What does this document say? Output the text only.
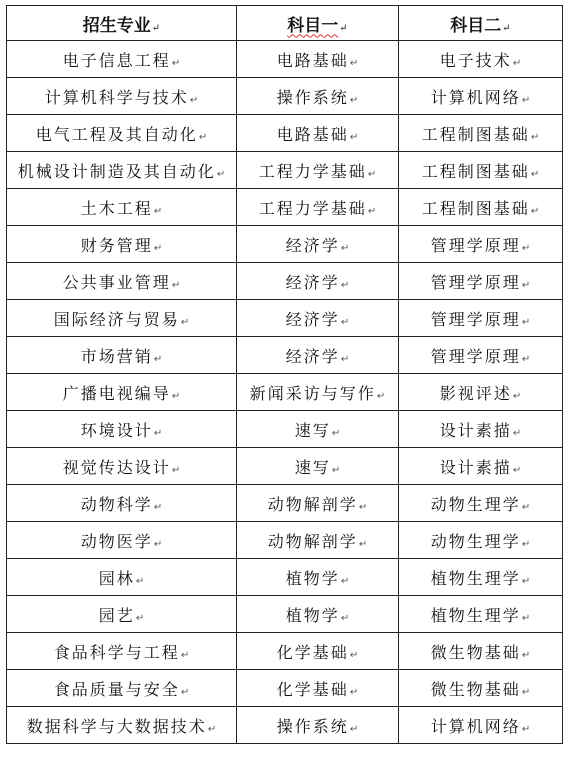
招生专业↵	科目一↵	科目二↵
电子信息工程↵	电路基础↵	电子技术↵
计算机科学与技术↵	操作系统↵	计算机网络↵
电气工程及其自动化↵	电路基础↵	工程制图基础↵
机械设计制造及其自动化↵	工程力学基础↵	工程制图基础↵
土木工程↵	工程力学基础↵	工程制图基础↵
财务管理↵	经济学↵	管理学原理↵
公共事业管理↵	经济学↵	管理学原理↵
国际经济与贸易↵	经济学↵	管理学原理↵
市场营销↵	经济学↵	管理学原理↵
广播电视编导↵	新闻采访与写作↵	影视评述↵
环境设计↵	速写↵	设计素描↵
视觉传达设计↵	速写↵	设计素描↵
动物科学↵	动物解剖学↵	动物生理学↵
动物医学↵	动物解剖学↵	动物生理学↵
园林↵	植物学↵	植物生理学↵
园艺↵	植物学↵	植物生理学↵
食品科学与工程↵	化学基础↵	微生物基础↵
食品质量与安全↵	化学基础↵	微生物基础↵
数据科学与大数据技术↵	操作系统↵	计算机网络↵
